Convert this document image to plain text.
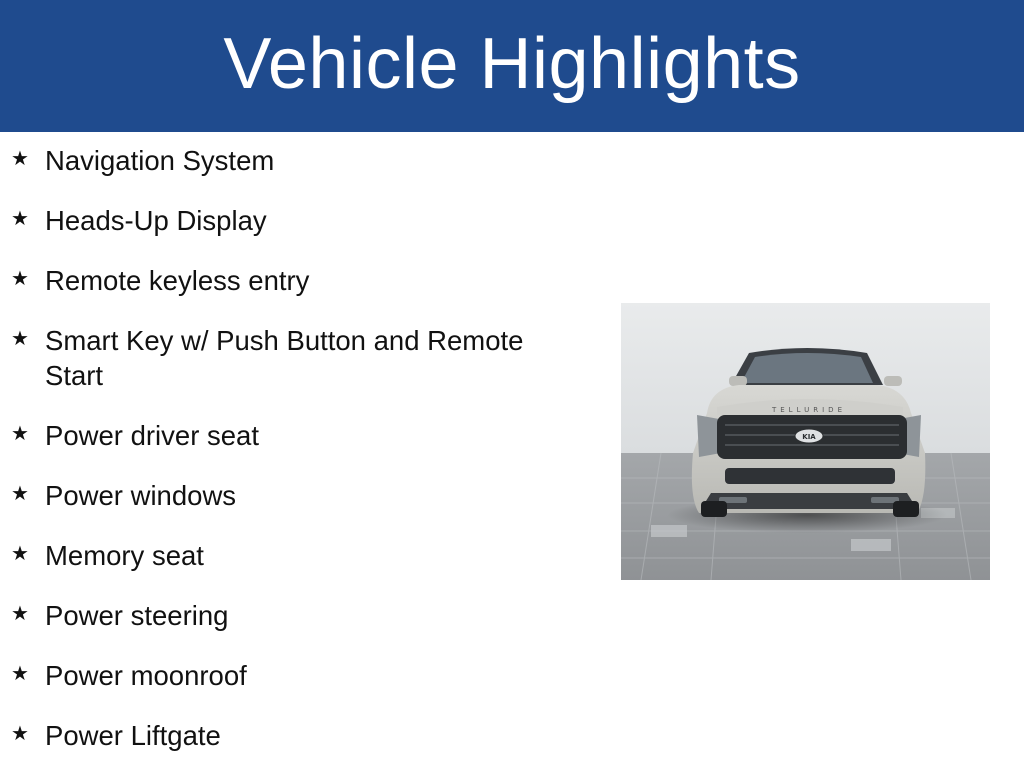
Vehicle Highlights
★ Navigation System
★ Heads-Up Display
★ Remote keyless entry
★ Smart Key w/ Push Button and Remote Start
★ Power driver seat
★ Power windows
★ Memory seat
★ Power steering
★ Power moonroof
★ Power Liftgate
TELLURIDE
KIA
